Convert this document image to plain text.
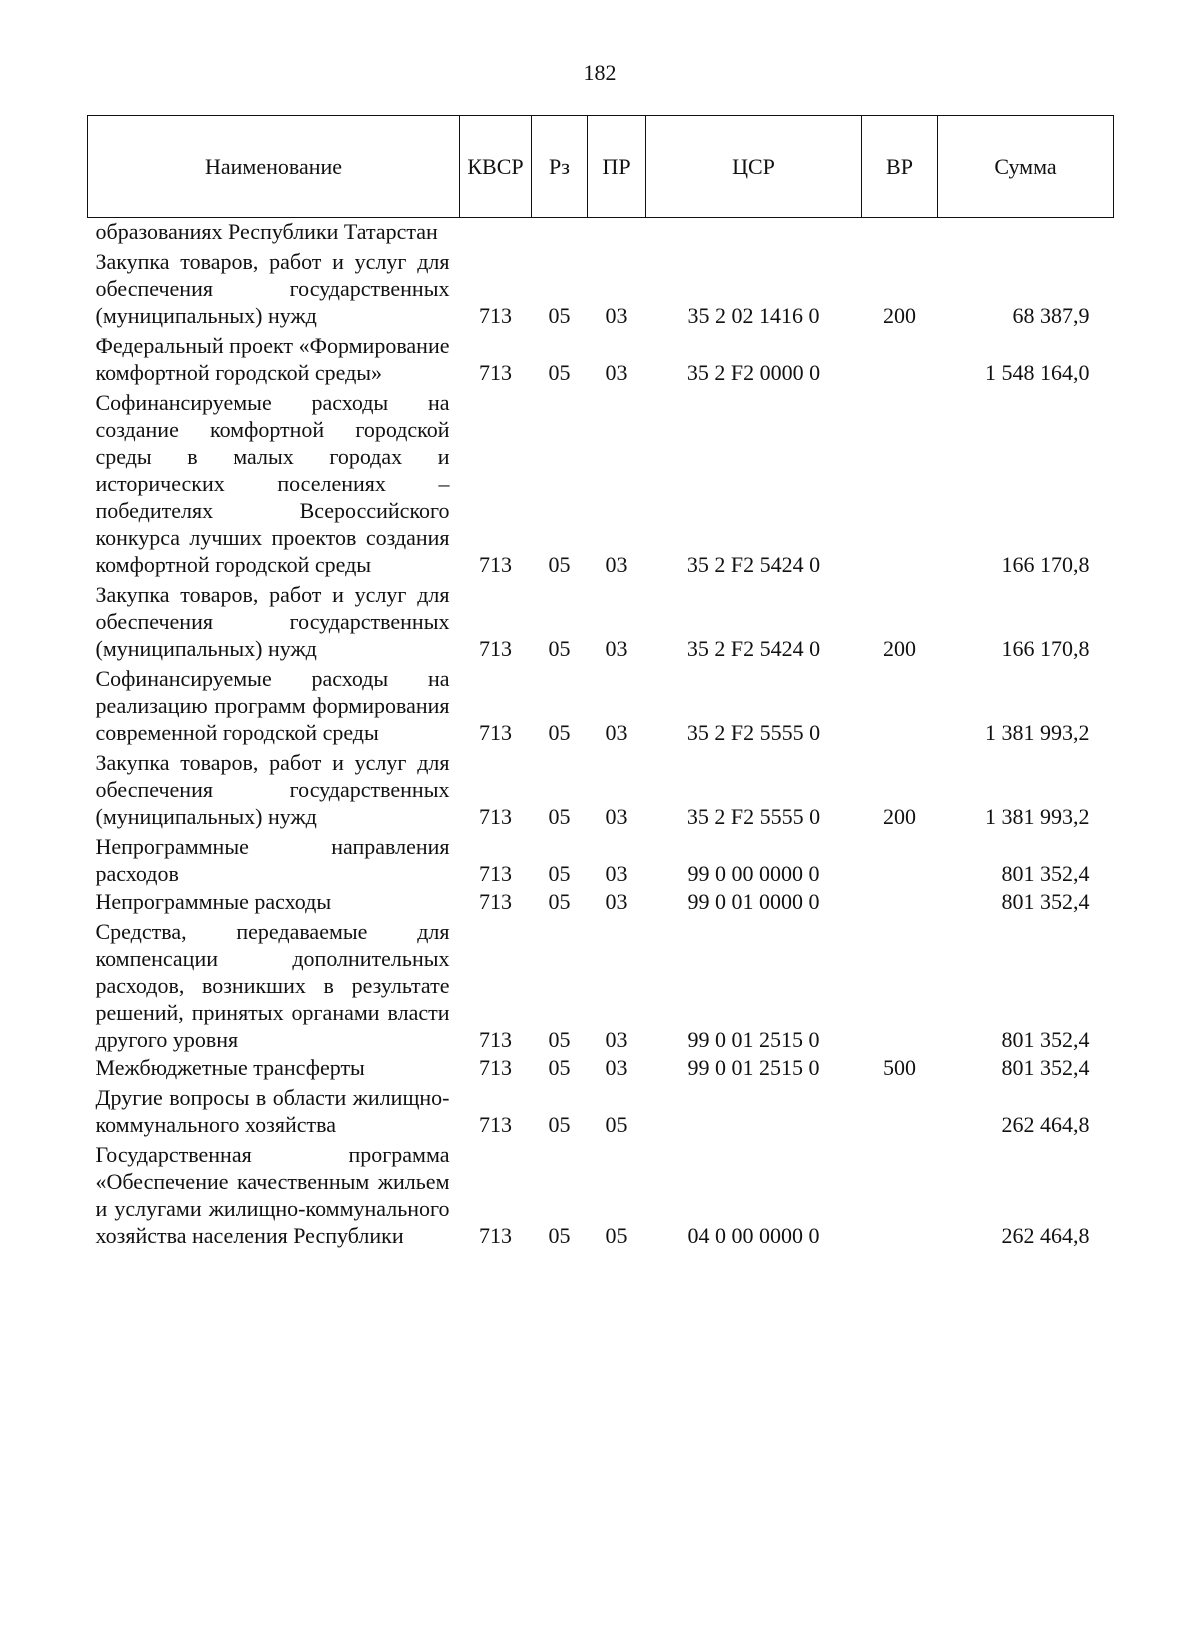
182
Наименование	КВСР	Рз	ПР	ЦСР	ВР	Сумма
образованиях Республики Татарстан						
Закупка товаров, работ и услуг для обеспечения государственных (муниципальных) нужд	713	05	03	35 2 02 1416 0	200	68 387,9
Федеральный проект «Формирование комфортной городской среды»	713	05	03	35 2 F2 0000 0		1 548 164,0
Софинансируемые расходы на создание комфортной городской среды в малых городах и исторических поселениях – победителях Всероссийского конкурса лучших проектов создания комфортной городской среды	713	05	03	35 2 F2 5424 0		166 170,8
Закупка товаров, работ и услуг для обеспечения государственных (муниципальных) нужд	713	05	03	35 2 F2 5424 0	200	166 170,8
Софинансируемые расходы на реализацию программ формирования современной городской среды	713	05	03	35 2 F2 5555 0		1 381 993,2
Закупка товаров, работ и услуг для обеспечения государственных (муниципальных) нужд	713	05	03	35 2 F2 5555 0	200	1 381 993,2
Непрограммные направления расходов	713	05	03	99 0 00 0000 0		801 352,4
Непрограммные расходы	713	05	03	99 0 01 0000 0		801 352,4
Средства, передаваемые для компенсации дополнительных расходов, возникших в результате решений, принятых органами власти другого уровня	713	05	03	99 0 01 2515 0		801 352,4
Межбюджетные трансферты	713	05	03	99 0 01 2515 0	500	801 352,4
Другие вопросы в области жилищно-коммунального хозяйства	713	05	05			262 464,8
Государственная программа «Обеспечение качественным жильем и услугами жилищно-коммунального хозяйства населения Республики	713	05	05	04 0 00 0000 0		262 464,8
